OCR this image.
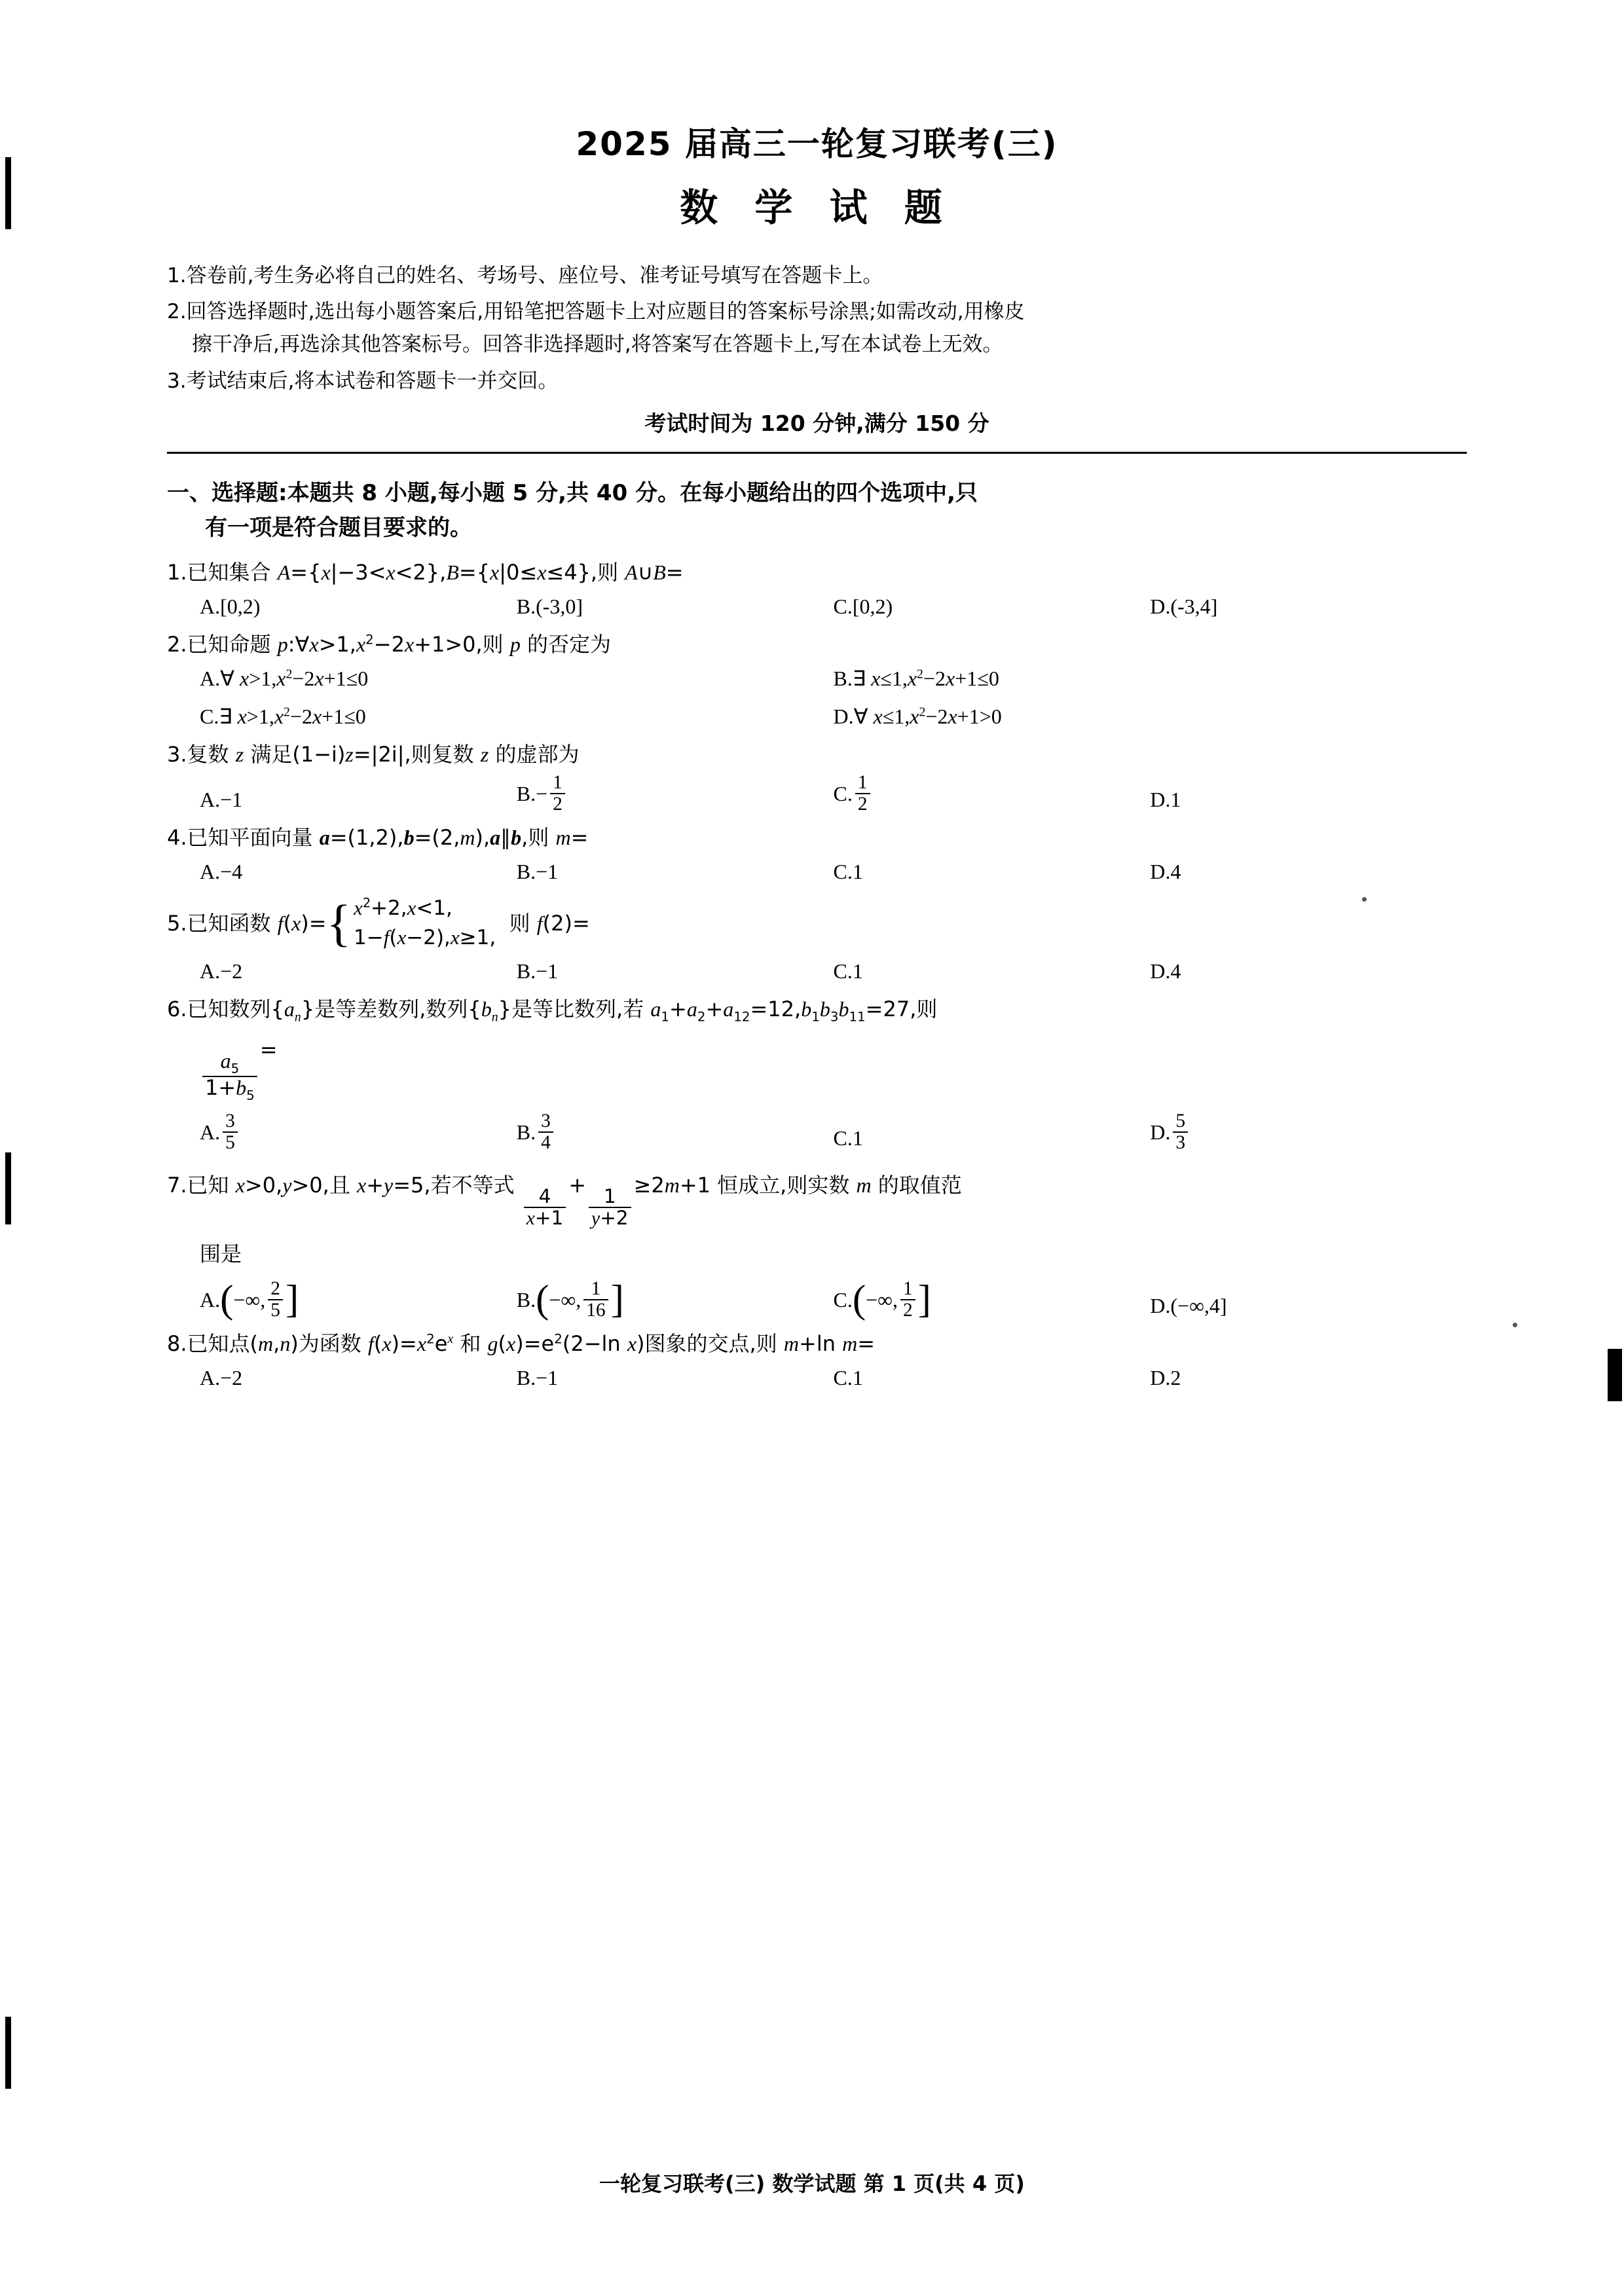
2025 届高三一轮复习联考(三)
数 学 试 题
1.答卷前,考生务必将自己的姓名、考场号、座位号、准考证号填写在答题卡上。
2.回答选择题时,选出每小题答案后,用铅笔把答题卡上对应题目的答案标号涂黑;如需改动,用橡皮
擦干净后,再选涂其他答案标号。回答非选择题时,将答案写在答题卡上,写在本试卷上无效。
3.考试结束后,将本试卷和答题卡一并交回。
考试时间为 120 分钟,满分 150 分
一、选择题:本题共 8 小题,每小题 5 分,共 40 分。在每小题给出的四个选项中,只
有一项是符合题目要求的。
1.已知集合 A={x|−3<x<2},B={x|0≤x≤4},则 A∪B=
A.[0,2)	B.(-3,0]	C.[0,2)	D.(-3,4]
2.已知命题 $p:\forall x>1,x^2-2x+1>0$,则 p 的否定为
A.∀ $x>1,x^2-2x+1\le 0$	B.∃ $x\le 1,x^2-2x+1\le 0$
C.∃ $x>1,x^2-2x+1\le 0$	D.∀ $x\le 1,x^2-2x+1>0$
3.复数 z 满足(1−i)z=|2i|,则复数 z 的虚部为
A.−1	$B.- \frac{1}{2}$	C. $\frac{1}{2}$	D.1
4.已知平面向量 a=(1,2),b=(2,m),a∥b,则 m=
A.−4	B.−1	C.1	D.4
5.已知函数 f(x)= { $x^2+2,x<1$,
1−f(x−2),x≥1,
则 f(2)=
A.−2	B.−1	C.1	D.4
6.已知数列$\{a_n\}$是等差数列,数列$\{b_n\}$是等比数列,若 $a_1+a_2+a_{12}=12,b_1b_3b_{11}=27$,则
$\frac{a_5}{1+b_5}$
=
A. $\frac{3}{5}$	B. $\frac{3}{4}$	C.1	D. $\frac{5}{3}$
7.已知 x>0,y>0,且 x+y=5,若不等式
$\frac{4}{x+1}$
+
$\frac{1}{y+2}$
≥2m+1 恒成立,则实数 m 的取值范
围是
A. ( −∞, $\frac{2}{5}$ ]	B. ( −∞, $\frac{1}{16}$ ]	C. ( −∞, $\frac{1}{2}$ ]	D.(−∞,4]
8.已知点(m,n)为函数 $f(x)=x^2e^x$ 和 $g(x)=e^2(2-\ln$ x)图象的交点,则 m+ln m=
A.−2	B.−1	C.1	D.2
一轮复习联考(三) 数学试题 第 1 页(共 4 页)
